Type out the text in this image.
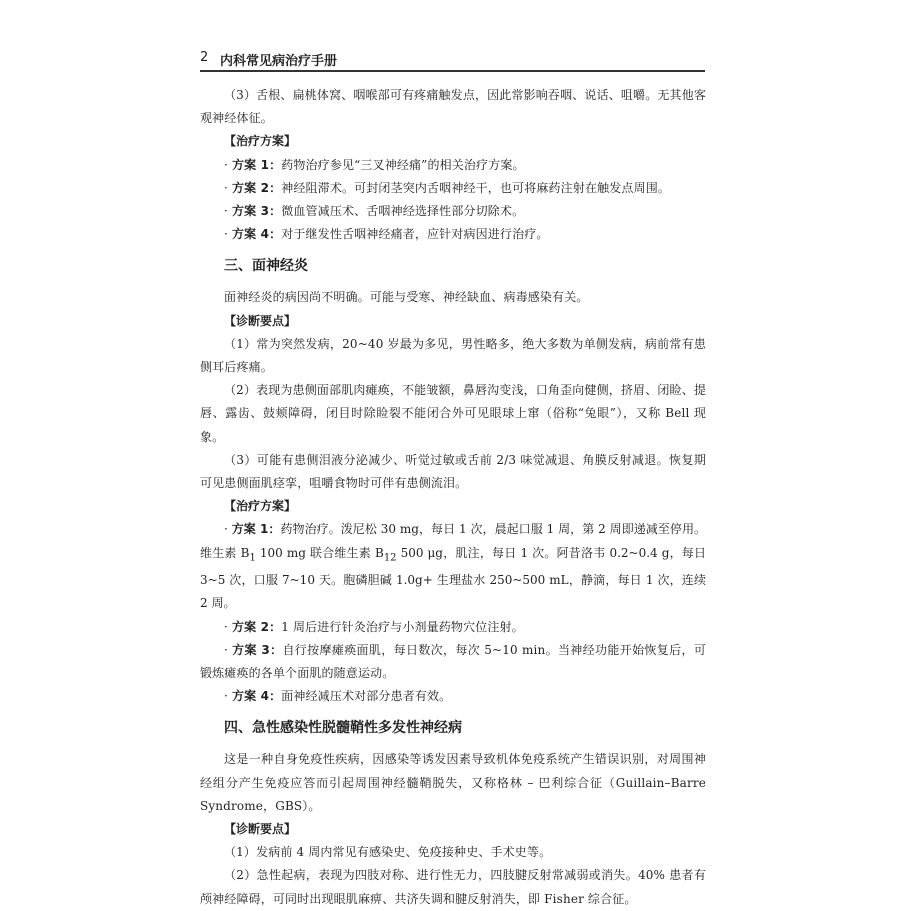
2 内科常见病治疗手册

（3）舌根、扁桃体窝、咽喉部可有疼痛触发点，因此常影响吞咽、说话、咀嚼。无其他客观神经体征。

【治疗方案】

· 方案 1：药物治疗参见“三叉神经痛”的相关治疗方案。

· 方案 2：神经阻滞术。可封闭茎突内舌咽神经干，也可将麻药注射在触发点周围。

· 方案 3：微血管减压术、舌咽神经选择性部分切除术。

· 方案 4：对于继发性舌咽神经痛者，应针对病因进行治疗。

三、面神经炎

面神经炎的病因尚不明确。可能与受寒、神经缺血、病毒感染有关。

【诊断要点】

（1）常为突然发病，20~40 岁最为多见，男性略多，绝大多数为单侧发病，病前常有患侧耳后疼痛。

（2）表现为患侧面部肌肉瘫痪，不能皱额，鼻唇沟变浅，口角歪向健侧，挤眉、闭睑、提唇、露齿、鼓颊障碍，闭目时除睑裂不能闭合外可见眼球上窜（俗称“兔眼”），又称 Bell 现象。

（3）可能有患侧泪液分泌减少、听觉过敏或舌前 2/3 味觉减退、角膜反射减退。恢复期可见患侧面肌痉挛，咀嚼食物时可伴有患侧流泪。

【治疗方案】

· 方案 1：药物治疗。泼尼松 30 mg，每日 1 次，晨起口服 1 周，第 2 周即递减至停用。维生素 $B_1$ 100 mg 联合维生素 $B_{12}$ 500 μg，肌注，每日 1 次。阿昔洛韦 0.2~0.4 g，每日 3~5 次，口服 7~10 天。胞磷胆碱 1.0g+ 生理盐水 250~500 mL，静滴，每日 1 次，连续 2 周。

· 方案 2：1 周后进行针灸治疗与小剂量药物穴位注射。

· 方案 3：自行按摩瘫痪面肌，每日数次，每次 5~10 min。当神经功能开始恢复后，可锻炼瘫痪的各单个面肌的随意运动。

· 方案 4：面神经减压术对部分患者有效。

四、急性感染性脱髓鞘性多发性神经病

这是一种自身免疫性疾病，因感染等诱发因素导致机体免疫系统产生错误识别，对周围神经组分产生免疫应答而引起周围神经髓鞘脱失，又称格林 – 巴利综合征（Guillain–Barre Syndrome，GBS）。

【诊断要点】

（1）发病前 4 周内常见有感染史、免疫接种史、手术史等。

（2）急性起病，表现为四肢对称、进行性无力，四肢腱反射常减弱或消失。40% 患者有颅神经障碍，可同时出现眼肌麻痹、共济失调和腱反射消失，即 Fisher 综合征。
